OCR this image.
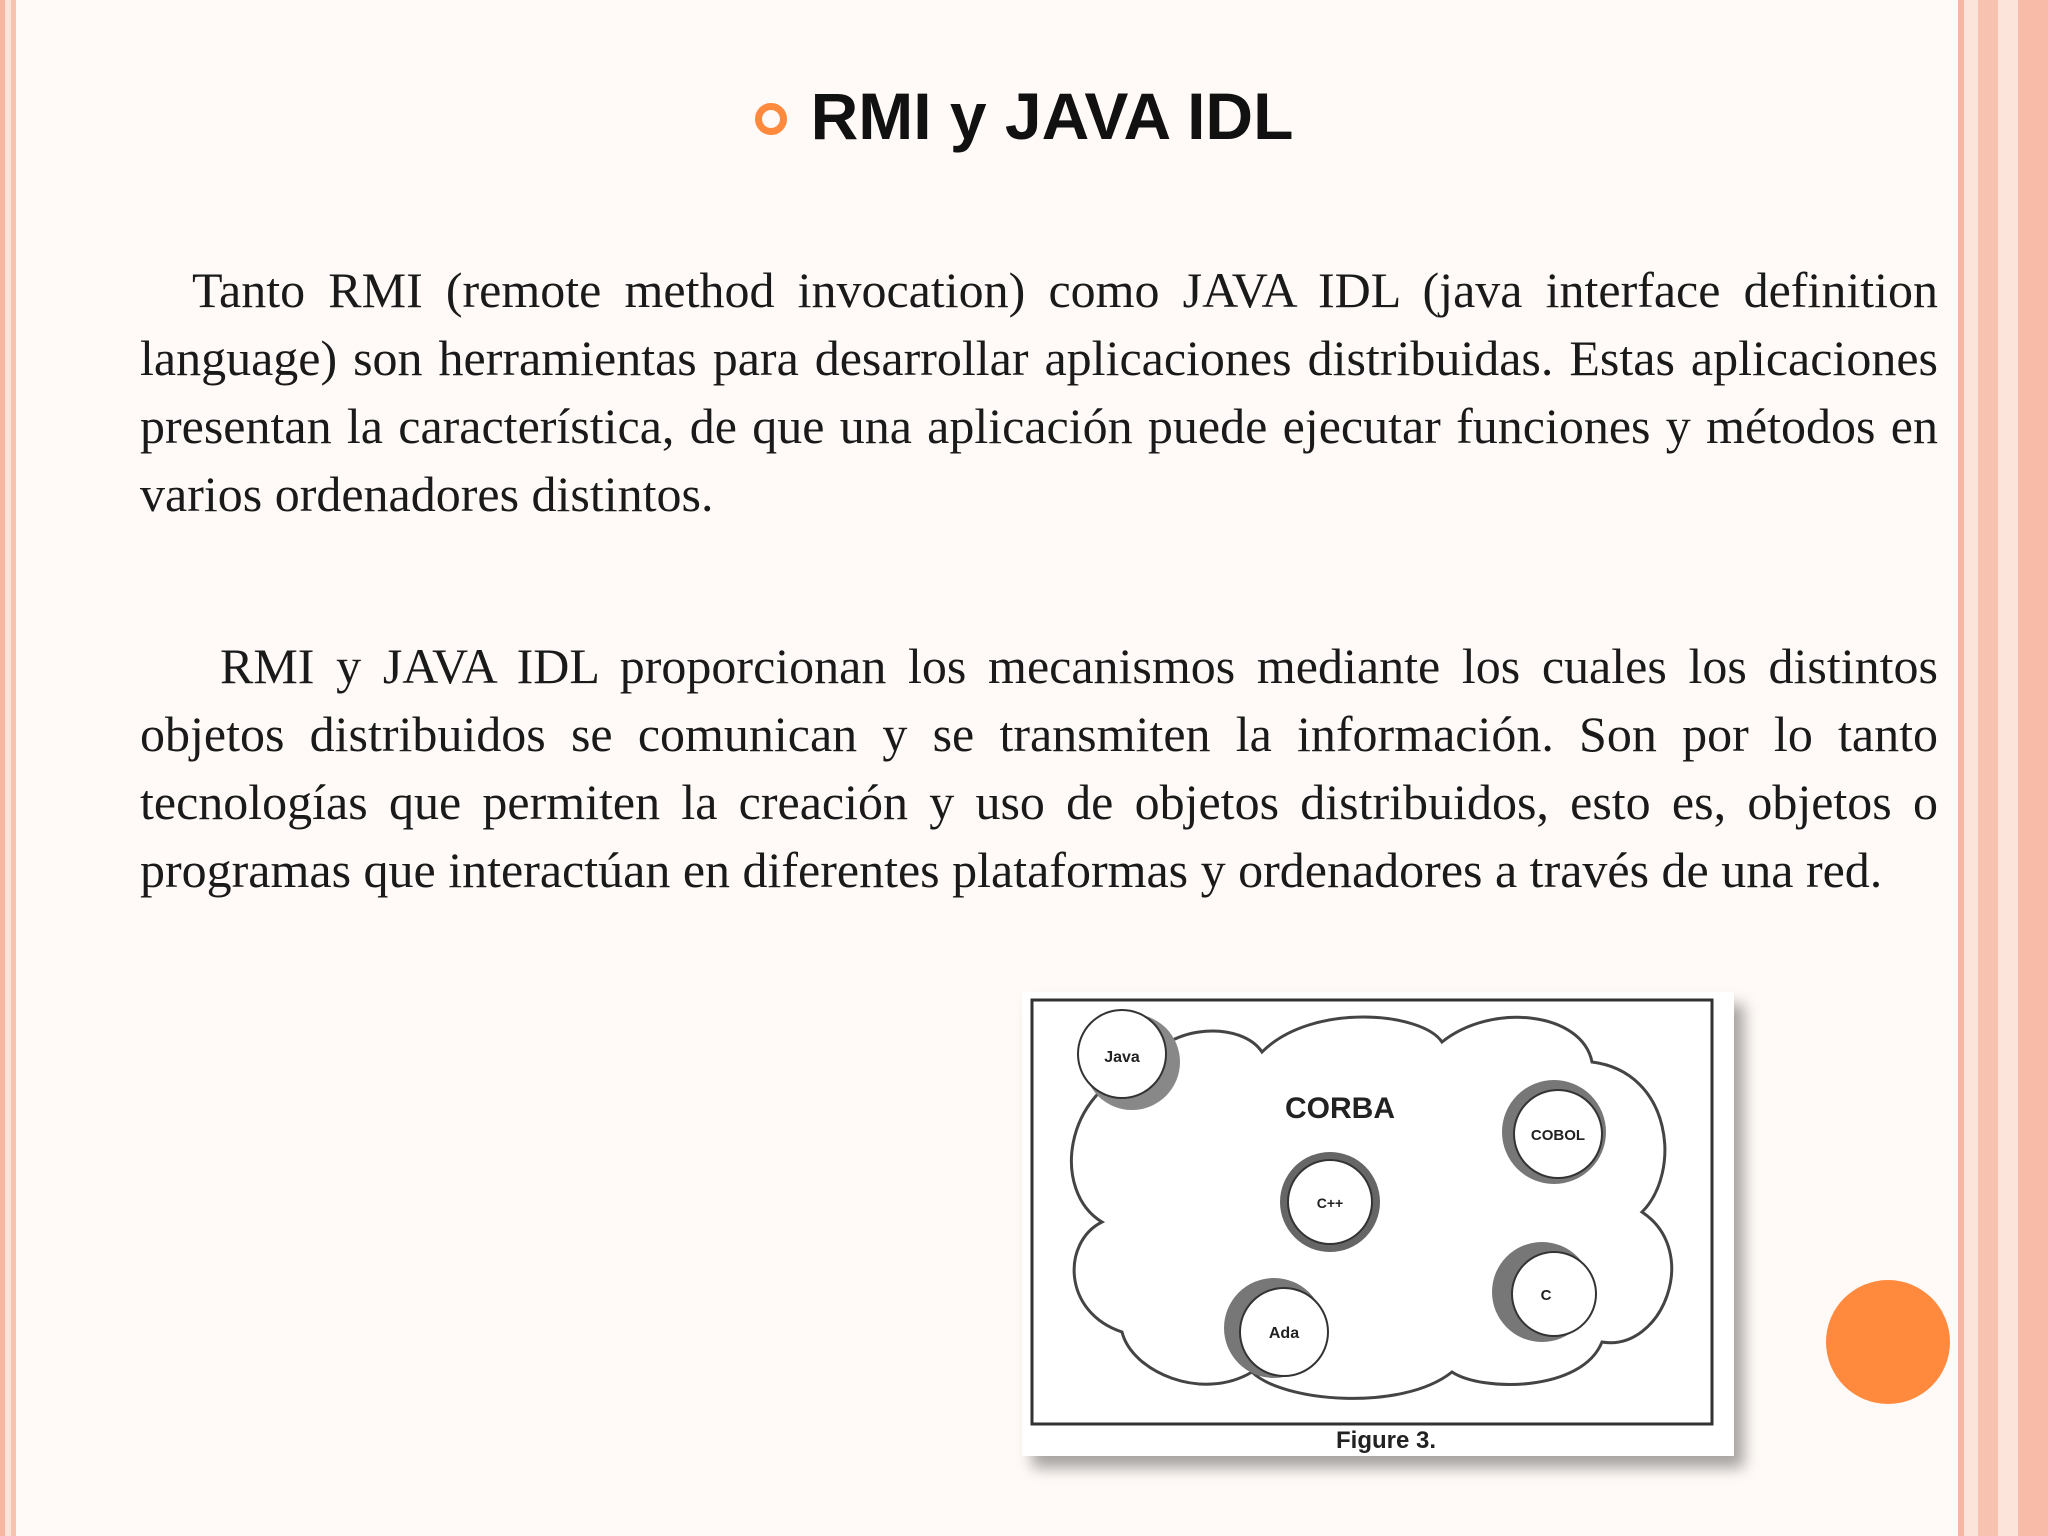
RMI y JAVA IDL
Tanto RMI (remote method invocation) como JAVA IDL (java interface definition language) son herramientas para desarrollar aplicaciones distribuidas. Estas aplicaciones presentan la característica, de que una aplicación puede ejecutar funciones y métodos en varios ordenadores distintos.
RMI y JAVA IDL proporcionan los mecanismos mediante los cuales los distintos objetos distribuidos se comunican y se transmiten la información. Son por lo tanto tecnologías que permiten la creación y uso de objetos distribuidos, esto es, objetos o programas que interactúan en diferentes plataformas y ordenadores a través de una red.
Java
COBOL
C++
Ada
C
CORBA
Figure 3.
